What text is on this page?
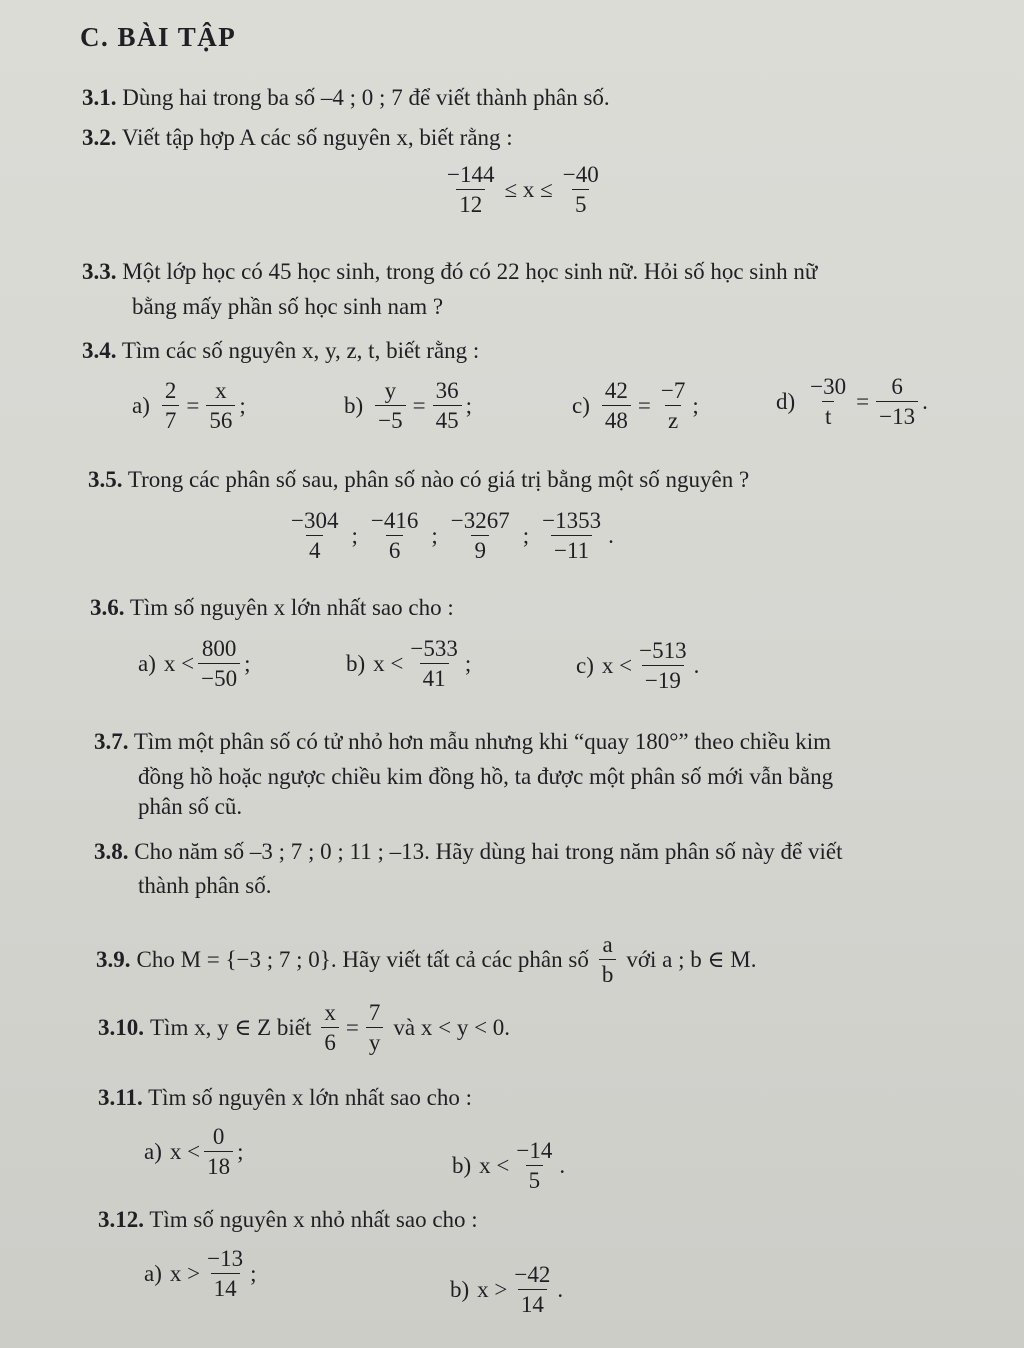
C. BÀI TẬP
3.1. Dùng hai trong ba số –4 ; 0 ; 7 để viết thành phân số.
3.2. Viết tập hợp A các số nguyên x, biết rằng :
$\frac{-144}{12} \le x \le \frac{-40}{5}$
3.3. Một lớp học có 45 học sinh, trong đó có 22 học sinh nữ. Hỏi số học sinh nữ
bằng mấy phần số học sinh nam ?
3.4. Tìm các số nguyên x, y, z, t, biết rằng :
$a) \frac{2}{7} = \frac{x}{56}$ ;	$b) \frac{y}{-5} = \frac{36}{45}$ ;	$c) \frac{42}{48} = \frac{-7}{z}$ ;	$d) \frac{-30}{t} = \frac{6}{-13}$ .
3.5. Trong các phân số sau, phân số nào có giá trị bằng một số nguyên ?
$\frac{-304}{4}$ ; $\frac{-416}{6}$ ; $\frac{-3267}{9}$ ; $\frac{-1353}{-11}$ .
3.6. Tìm số nguyên x lớn nhất sao cho :
a) $x < \frac{800}{-50}$ ;	b) $x < \frac{-533}{41}$ ;	c) $x < \frac{-513}{-19}$ .
3.7. Tìm một phân số có tử nhỏ hơn mẫu nhưng khi “quay 180°” theo chiều kim
đồng hồ hoặc ngược chiều kim đồng hồ, ta được một phân số mới vẫn bằng
phân số cũ.
3.8. Cho năm số –3 ; 7 ; 0 ; 11 ; –13. Hãy dùng hai trong năm phân số này để viết
thành phân số.
3.9. Cho M = {−3 ; 7 ; 0}. Hãy viết tất cả các phân số $\frac{a}{b}$ với a ; b ∈ M.
3.10. Tìm x, y ∈ Z biết $\frac{x}{6} = \frac{7}{y}$ và x < y < 0.
3.11. Tìm số nguyên x lớn nhất sao cho :
a) $x < \frac{0}{18}$ ;
b) $x < \frac{-14}{5}$ .
3.12. Tìm số nguyên x nhỏ nhất sao cho :
a) $x > \frac{-13}{14}$ ;
b) $x > \frac{-42}{14}$ .
